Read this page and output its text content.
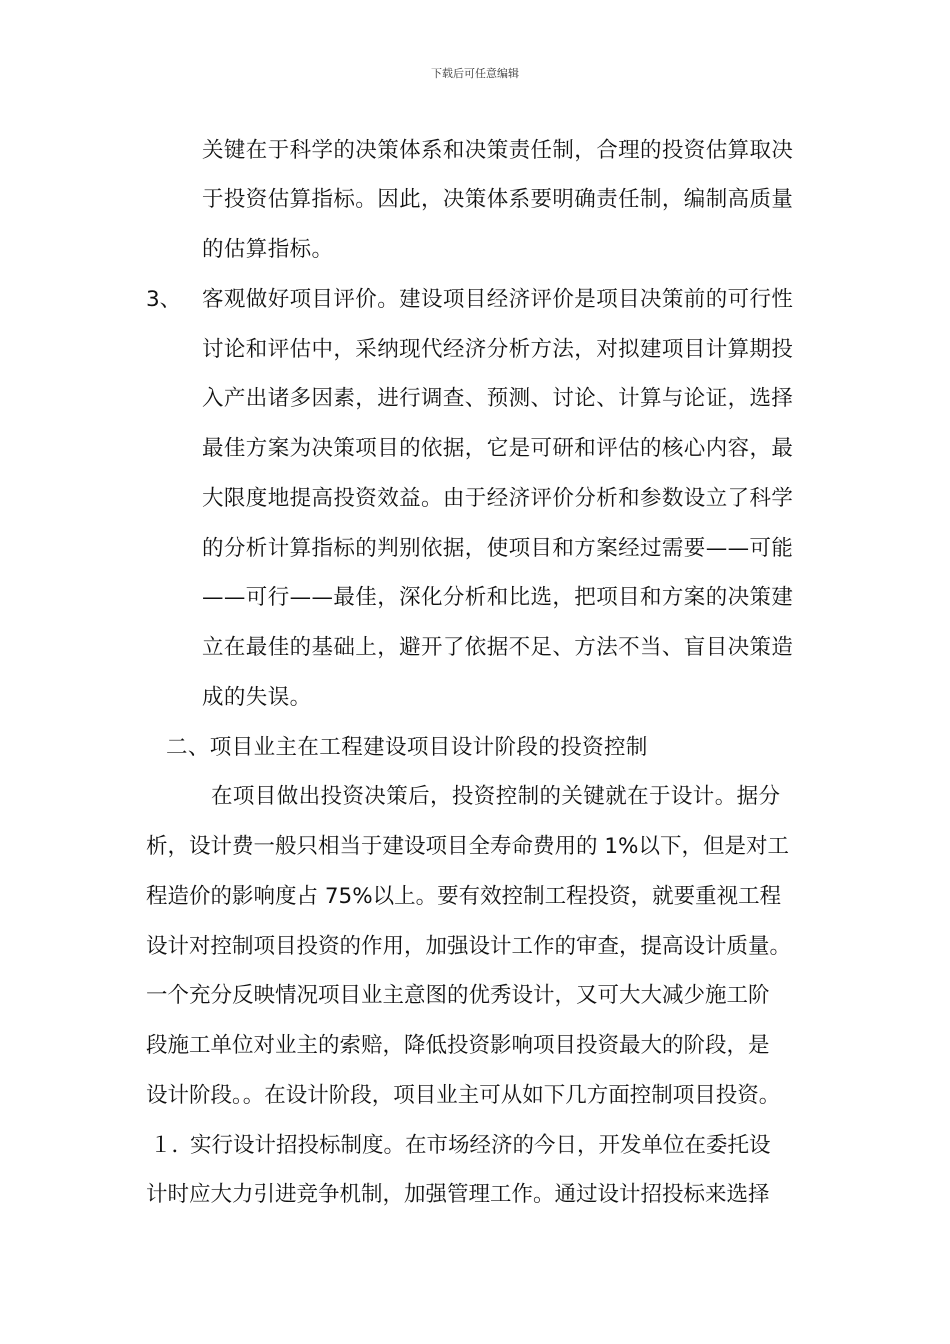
下载后可任意编辑
关键在于科学的决策体系和决策责任制，合理的投资估算取决
于投资估算指标。因此，决策体系要明确责任制，编制高质量
的估算指标。
3、 客观做好项目评价。建设项目经济评价是项目决策前的可行性
讨论和评估中，采纳现代经济分析方法，对拟建项目计算期投
入产出诸多因素，进行调查、预测、讨论、计算与论证，选择
最佳方案为决策项目的依据，它是可研和评估的核心内容，最
大限度地提高投资效益。由于经济评价分析和参数设立了科学
的分析计算指标的判别依据，使项目和方案经过需要——可能
——可行——最佳，深化分析和比选，把项目和方案的决策建
立在最佳的基础上，避开了依据不足、方法不当、盲目决策造
成的失误。
二、项目业主在工程建设项目设计阶段的投资控制
在项目做出投资决策后，投资控制的关键就在于设计。据分
析，设计费一般只相当于建设项目全寿命费用的 1%以下，但是对工
程造价的影响度占 75%以上。要有效控制工程投资，就要重视工程
设计对控制项目投资的作用，加强设计工作的审查，提高设计质量。
一个充分反映情况项目业主意图的优秀设计，又可大大减少施工阶
段施工单位对业主的索赔，降低投资影响项目投资最大的阶段，是
设计阶段。。在设计阶段，项目业主可从如下几方面控制项目投资。
１．
实行设计招投标制度。在市场经济的今日，开发单位在委托设
计时应大力引进竞争机制，加强管理工作。通过设计招投标来选择
